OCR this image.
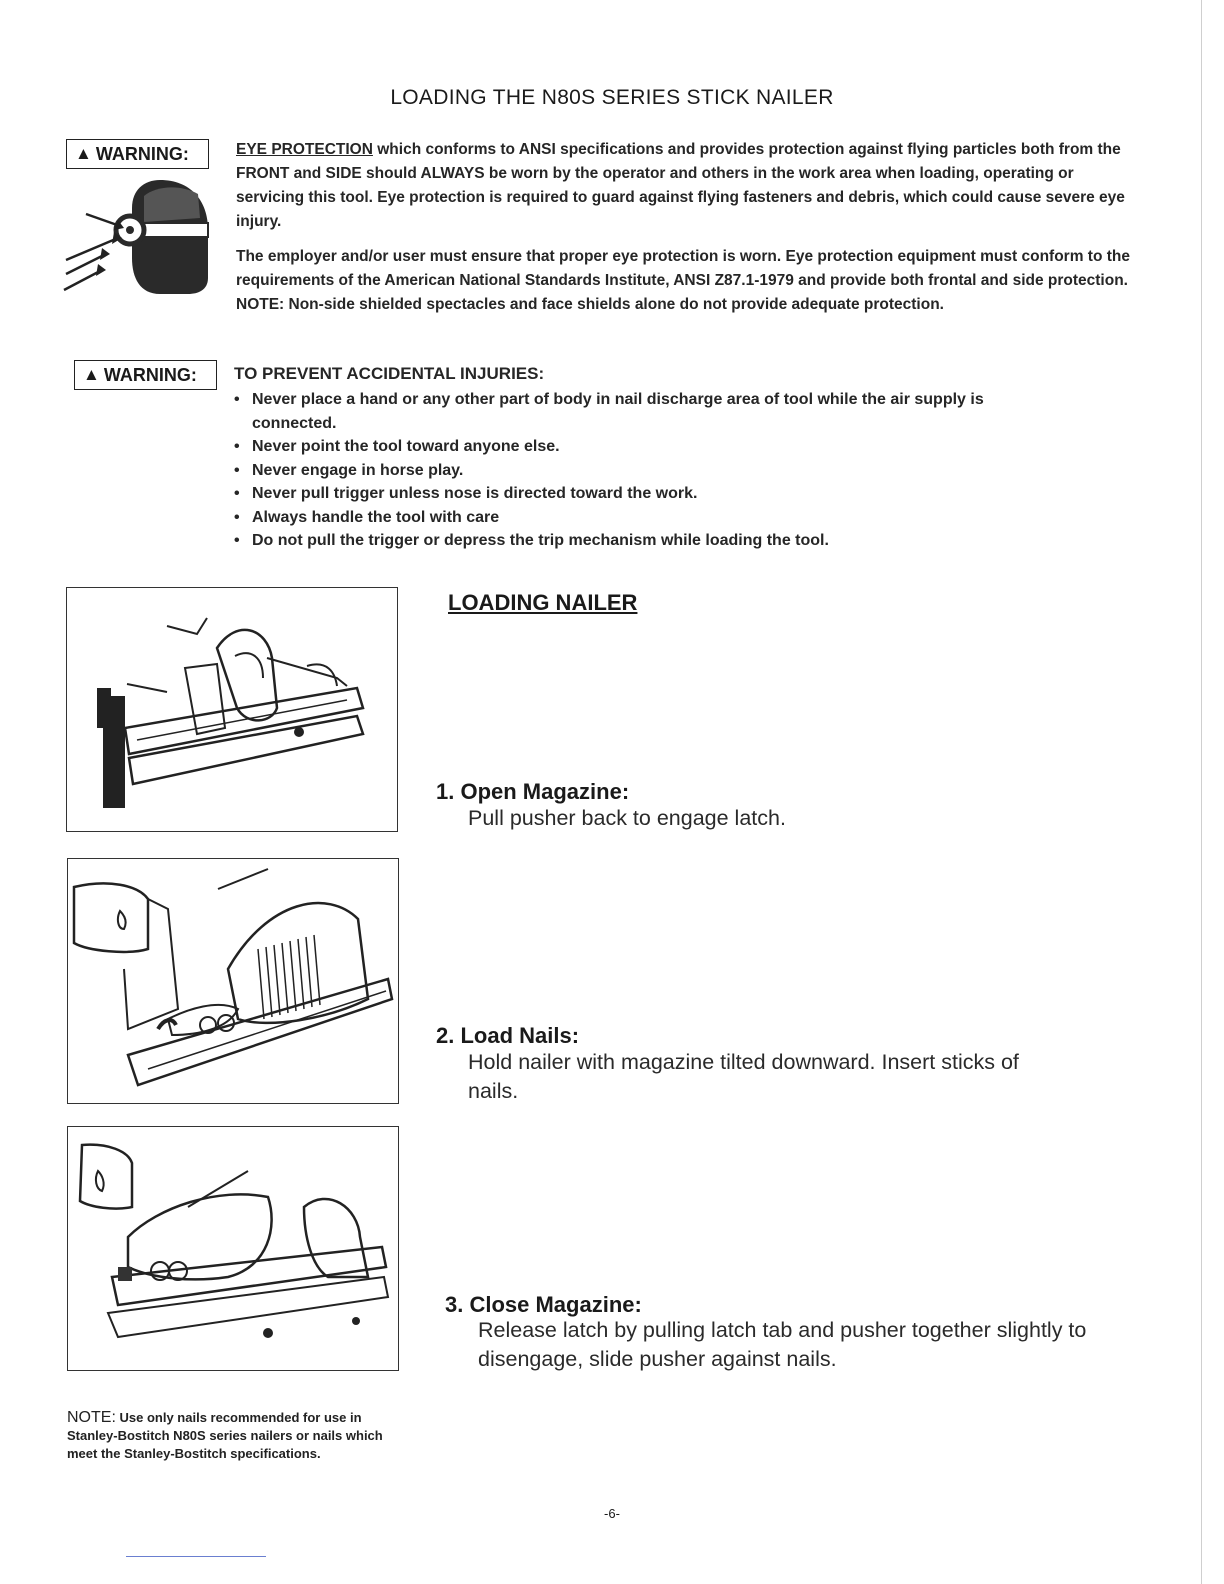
LOADING THE N80S SERIES STICK NAILER
▲ WARNING:	EYE PROTECTION which conforms to ANSI specifications and provides protection against flying particles both from the FRONT and SIDE should ALWAYS be worn by the operator and others in the work area when loading, operating or servicing this tool. Eye protection is required to guard against flying fasteners and debris, which could cause severe eye injury.
The employer and/or user must ensure that proper eye protection is worn. Eye protection equipment must conform to the requirements of the American National Standards Institute, ANSI Z87.1-1979 and provide both frontal and side protection. NOTE: Non-side shielded spectacles and face shields alone do not provide adequate protection.
▲ WARNING: TO PREVENT ACCIDENTAL INJURIES:
• Never place a hand or any other part of body in nail discharge area of tool while the air supply is connected.
• Never point the tool toward anyone else.
• Never engage in horse play.
• Never pull trigger unless nose is directed toward the work.
• Always handle the tool with care
• Do not pull the trigger or depress the trip mechanism while loading the tool.
LOADING NAILER
1. Open Magazine:
Pull pusher back to engage latch.
2. Load Nails:
Hold nailer with magazine tilted downward. Insert sticks of nails.
3. Close Magazine:
Release latch by pulling latch tab and pusher together slightly to disengage, slide pusher against nails.
NOTE: Use only nails recommended for use in Stanley-Bostitch N80S series nailers or nails which meet the Stanley-Bostitch specifications.
-6-
